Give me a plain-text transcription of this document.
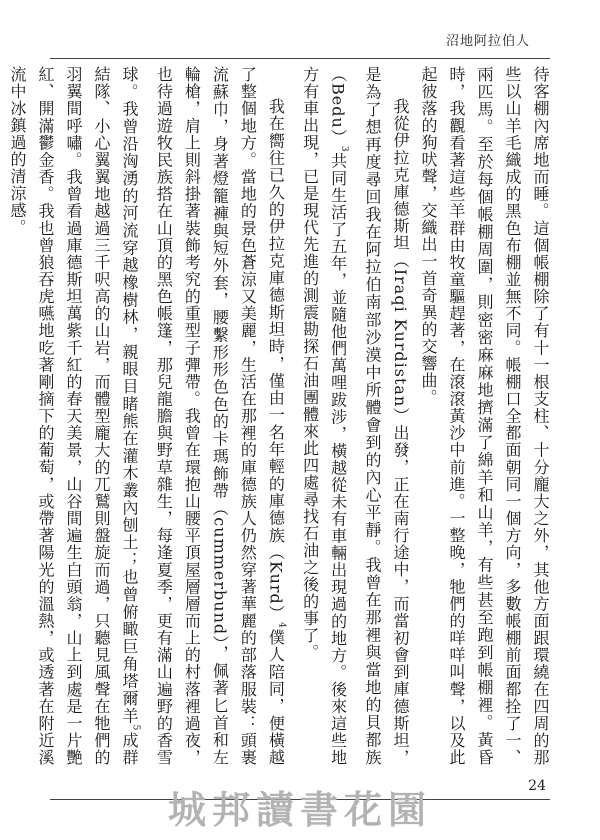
沼地阿拉伯人

待客棚內席地而睡。這個帳棚除了有十一根支柱、十分龐大之外，其他方面跟環繞在四周的那些以山羊毛織成的黑色布棚並無不同。帳棚口全都面朝同一個方向，多數帳棚前面都拴了一、兩匹馬。至於每個帳棚周圍，則密密麻麻地擠滿了綿羊和山羊，有些甚至跑到帳棚裡。黃昏時，我觀看著這些羊群由牧童驅趕著，在滾滾黃沙中前進。一整晚，牠們的咩咩叫聲，以及此起彼落的狗吠聲，交織出一首奇異的交響曲。

我從伊拉克庫德斯坦（Iraqi Kurdistan）出發，正在南行途中，而當初會到庫德斯坦，是為了想再度尋回我在阿拉伯南部沙漠中所體會到的內心平靜。我曾在那裡與當地的貝都族（Bedu）$^3$共同生活了五年，並隨他們萬哩跋涉，橫越從未有車輛出現過的地方。後來這些地方有車出現，已是現代先進的測震勘探石油團體來此四處尋找石油之後的事了。

我在嚮往已久的伊拉克庫德斯坦時，僅由一名年輕的庫德族（Kurd）$^4$僕人陪同，便橫越了整個地方。當地的景色蒼涼又美麗，生活在那裡的庫德族人仍然穿著華麗的部落服裝：頭裹流蘇巾，身著燈籠褲與短外套，腰繫形形色色的卡瑪飾帶（cummerbund），佩著匕首和左輪槍，肩上則斜掛著裝飾考究的重型子彈帶。我曾在環抱山腰平頂屋層層而上的村落裡過夜，也待過遊牧民族搭在山頂的黑色帳篷，那兒龍膽與野草雜生，每逢夏季，更有滿山遍野的香雪球。我曾沿洶湧的河流穿越橡樹林，親眼目睹熊在灌木叢內刨土；也曾俯瞰巨角塔爾羊$^5$成群結隊、小心翼翼地越過三千呎高的山岩，而體型龐大的兀鷲則盤旋而過，只聽見風聲在牠們的羽翼間呼嘯。我曾看過庫德斯坦萬紫千紅的春天美景，山谷間遍生白頭翁，山上到處是一片艷紅、開滿鬱金香。我也曾狼吞虎嚥地吃著剛摘下的葡萄，或帶著陽光的溫熱，或透著在附近溪流中冰鎮過的清涼感。

24
城邦讀書花園
